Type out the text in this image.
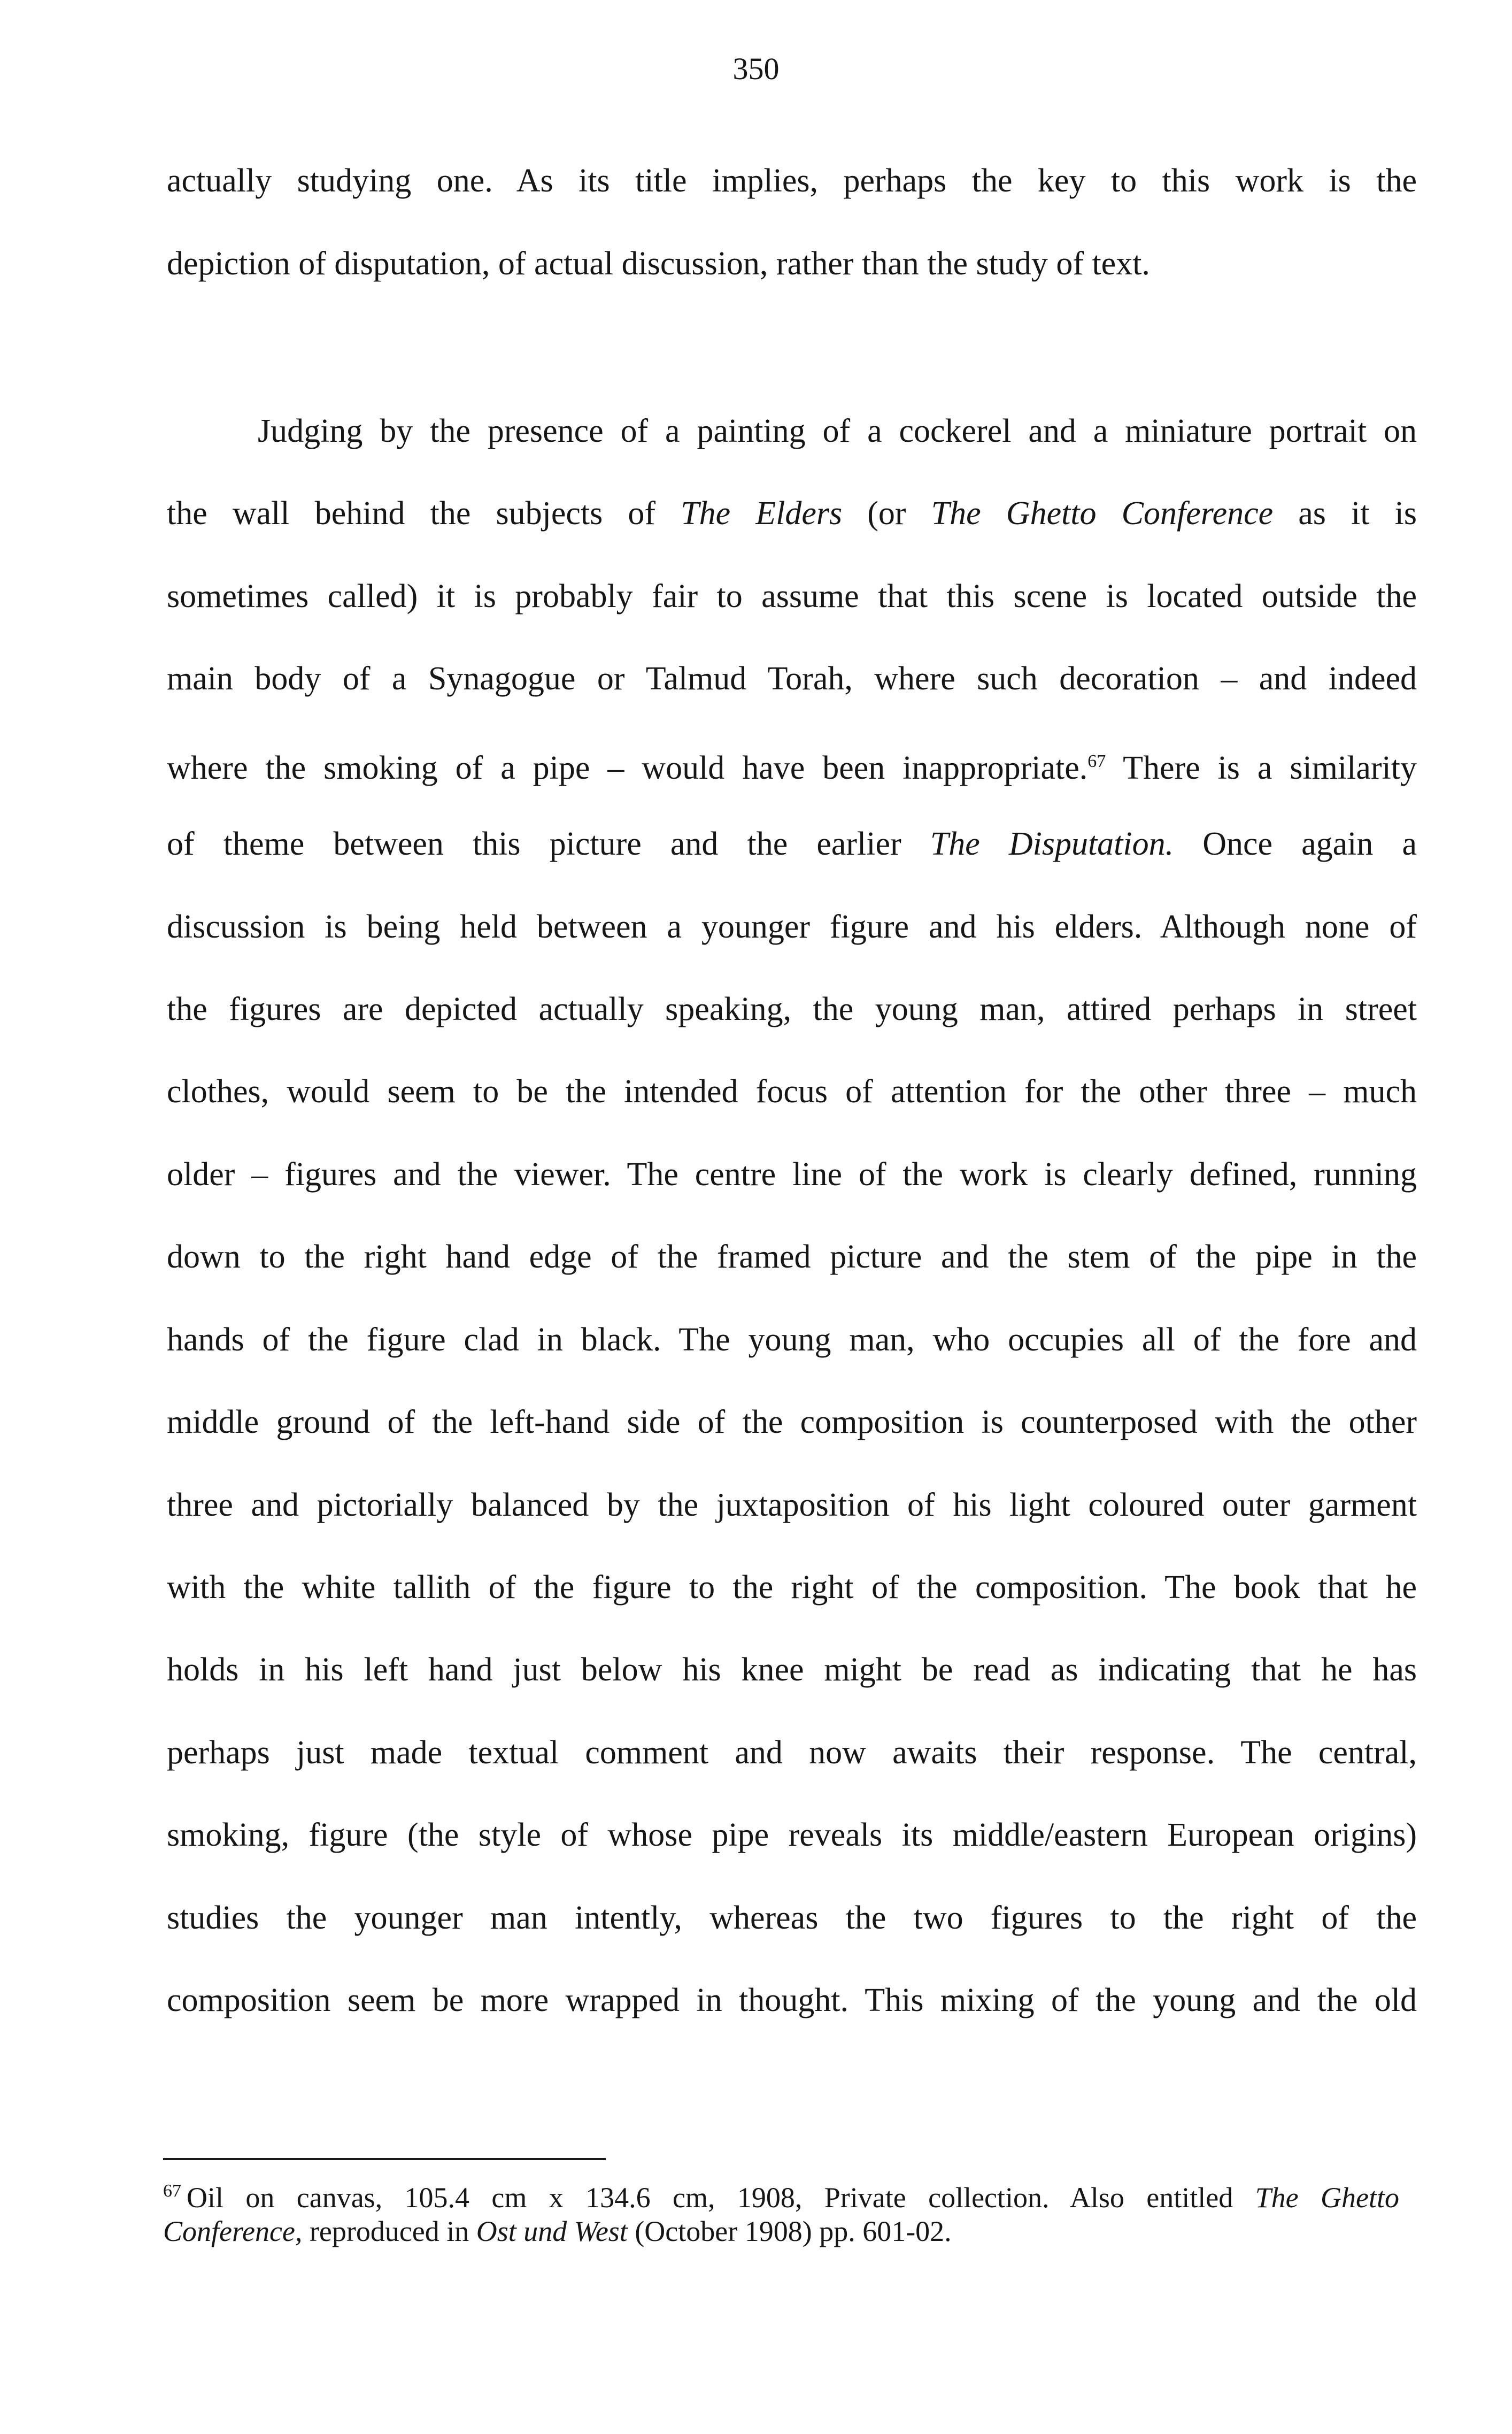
350
actually studying one. As its title implies, perhaps the key to this work is the
depiction of disputation, of actual discussion, rather than the study of text.
Judging by the presence of a painting of a cockerel and a miniature portrait on
the wall behind the subjects of The Elders (or The Ghetto Conference as it is
sometimes called) it is probably fair to assume that this scene is located outside the
main body of a Synagogue or Talmud Torah, where such decoration – and indeed
where the smoking of a pipe – would have been inappropriate.$^{67}$ There is a similarity
of theme between this picture and the earlier The Disputation. Once again a
discussion is being held between a younger figure and his elders. Although none of
the figures are depicted actually speaking, the young man, attired perhaps in street
clothes, would seem to be the intended focus of attention for the other three – much
older – figures and the viewer. The centre line of the work is clearly defined, running
down to the right hand edge of the framed picture and the stem of the pipe in the
hands of the figure clad in black. The young man, who occupies all of the fore and
middle ground of the left-hand side of the composition is counterposed with the other
three and pictorially balanced by the juxtaposition of his light coloured outer garment
with the white tallith of the figure to the right of the composition. The book that he
holds in his left hand just below his knee might be read as indicating that he has
perhaps just made textual comment and now awaits their response. The central,
smoking, figure (the style of whose pipe reveals its middle/eastern European origins)
studies the younger man intently, whereas the two figures to the right of the
composition seem be more wrapped in thought. This mixing of the young and the old
$^{67}$ Oil on canvas, 105.4 cm x 134.6 cm, 1908, Private collection. Also entitled The Ghetto
Conference, reproduced in Ost und West (October 1908) pp. 601-02.
